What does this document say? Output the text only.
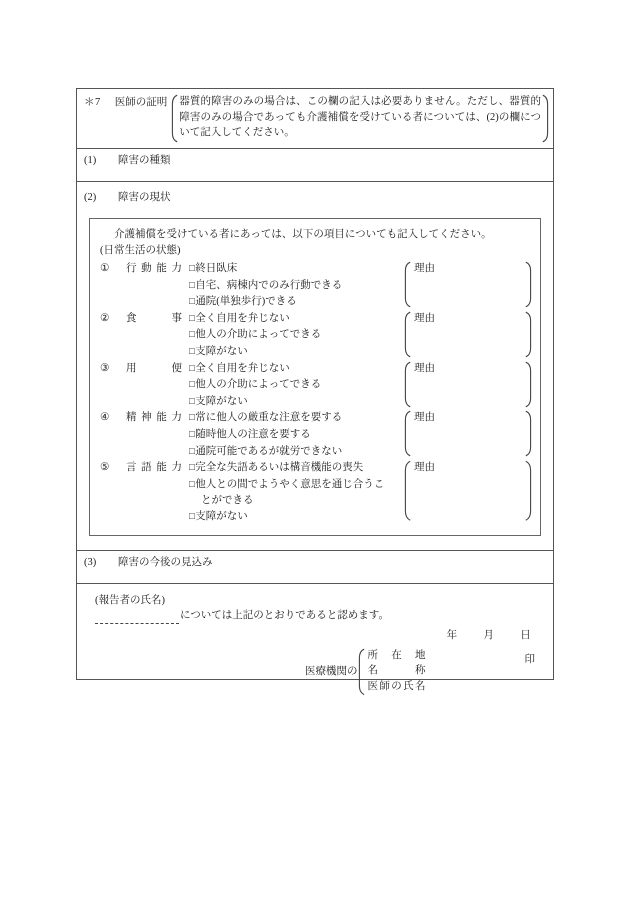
＊7 医師の証明 器質的障害のみの場合は、この欄の記入は必要ありません。ただし、器質的障害のみの場合であっても介護補償を受けている者については、(2)の欄について記入してください。

(1)	障害の種類

(2)	障害の現状
介護補償を受けている者にあっては、以下の項目についても記入してください。
(日常生活の状態)
①	行動能力 □終日臥床
□自宅、病棟内でのみ行動できる
□通院(単独歩行)できる
理由
②	食事 □全く自用を弁じない
□他人の介助によってできる
□支障がない
理由
③	用便 □全く自用を弁じない
□他人の介助によってできる
□支障がない
理由
④	精神能力 □常に他人の厳重な注意を要する
□随時他人の注意を要する
□通院可能であるが就労できない
理由
⑤	言語能力 □完全な失語あるいは構音機能の喪失
□他人との間でようやく意思を通じ合うこ
とができる
□支障がない
理由

(3)	障害の今後の見込み

(報告者の氏名)
については上記のとおりであると認めます。
年 月 日
医療機関の
所　在　地
名　　　称
医師の氏名
印
